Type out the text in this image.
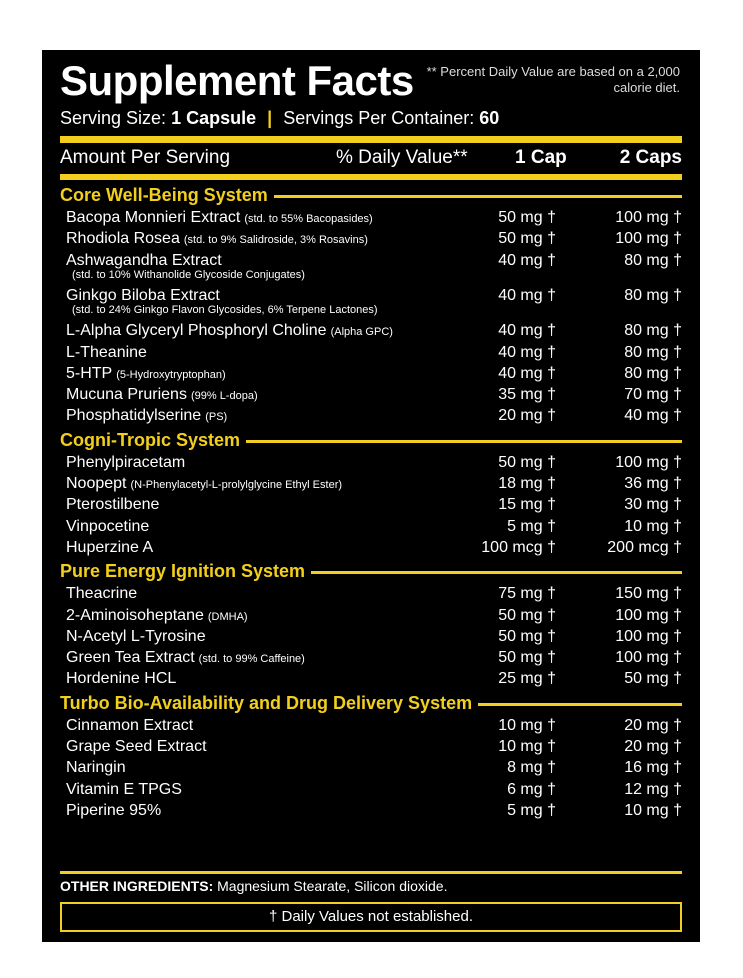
Supplement Facts ** Percent Daily Value are based on a 2,000 calorie diet.
Serving Size: 1 Capsule | Servings Per Container: 60
Amount Per Serving	% Daily Value** 1 Cap	2 Caps
Core Well-Being System
Bacopa Monnieri Extract (std. to 55% Bacopasides)	50 mg †	100 mg †
Rhodiola Rosea (std. to 9% Salidroside, 3% Rosavins)	50 mg †	100 mg †
Ashwagandha Extract	40 mg †	80 mg †
(std. to 10% Withanolide Glycoside Conjugates)
Ginkgo Biloba Extract	40 mg †	80 mg †
(std. to 24% Ginkgo Flavon Glycosides, 6% Terpene Lactones)
L-Alpha Glyceryl Phosphoryl Choline (Alpha GPC)	40 mg †	80 mg †
L-Theanine	40 mg †	80 mg †
5-HTP (5-Hydroxytryptophan)	40 mg †	80 mg †
Mucuna Pruriens (99% L-dopa)	35 mg †	70 mg †
Phosphatidylserine (PS)	20 mg †	40 mg †
Cogni-Tropic System
Phenylpiracetam	50 mg †	100 mg †
Noopept (N-Phenylacetyl-L-prolylglycine Ethyl Ester)	18 mg †	36 mg †
Pterostilbene	15 mg †	30 mg †
Vinpocetine	5 mg †	10 mg †
Huperzine A	100 mcg †	200 mcg †
Pure Energy Ignition System
Theacrine	75 mg †	150 mg †
2-Aminoisoheptane (DMHA)	50 mg †	100 mg †
N-Acetyl L-Tyrosine	50 mg †	100 mg †
Green Tea Extract (std. to 99% Caffeine)	50 mg †	100 mg †
Hordenine HCL	25 mg †	50 mg †
Turbo Bio-Availability and Drug Delivery System
Cinnamon Extract	10 mg †	20 mg †
Grape Seed Extract	10 mg †	20 mg †
Naringin	8 mg †	16 mg †
Vitamin E TPGS	6 mg †	12 mg †
Piperine 95%	5 mg †	10 mg †
OTHER INGREDIENTS: Magnesium Stearate, Silicon dioxide.
† Daily Values not established.
